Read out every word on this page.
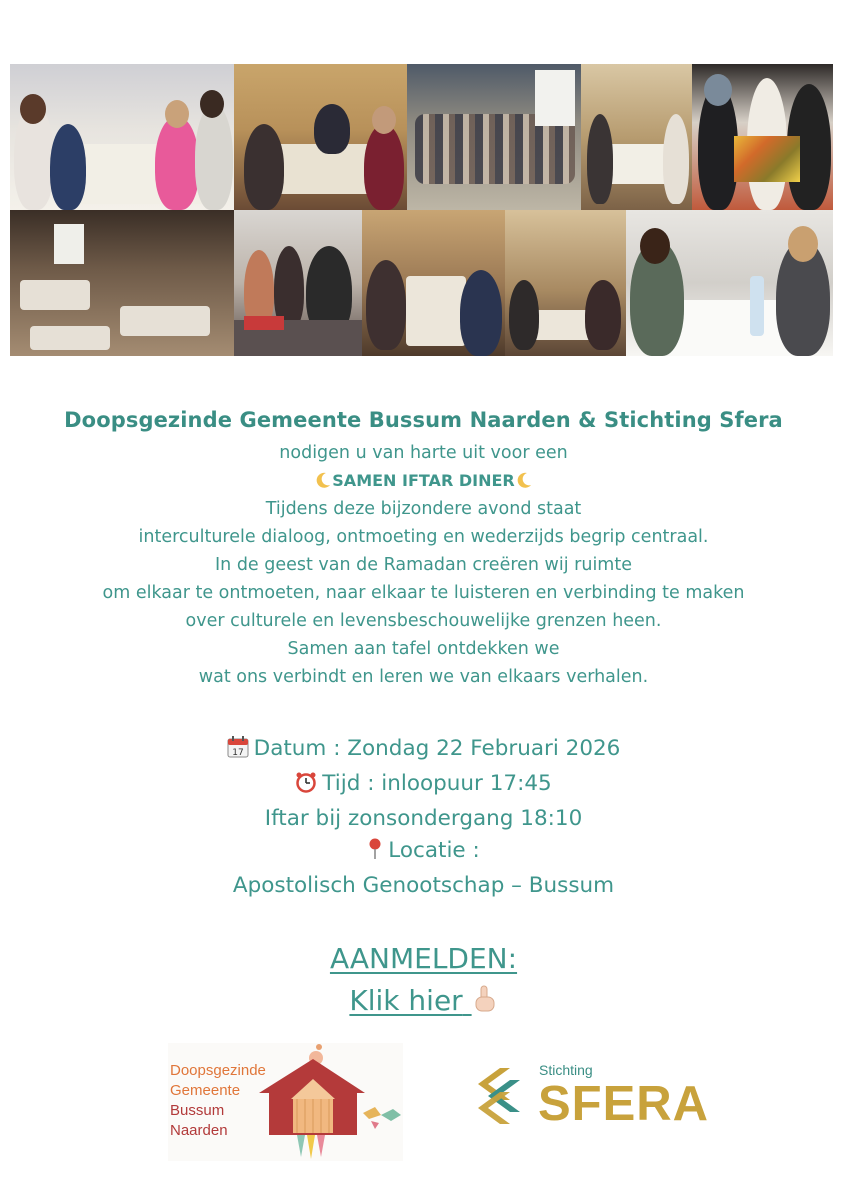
Doopsgezinde Gemeente Bussum Naarden & Stichting Sfera
nodigen u van harte uit voor een
SAMEN IFTAR DINER
Tijdens deze bijzondere avond staat
interculturele dialoog, ontmoeting en wederzijds begrip centraal.
In de geest van de Ramadan creëren wij ruimte
om elkaar te ontmoeten, naar elkaar te luisteren en verbinding te maken
over culturele en levensbeschouwelijke grenzen heen.
Samen aan tafel ontdekken we
wat ons verbindt en leren we van elkaars verhalen.
17 Datum : Zondag 22 Februari 2026
Tijd : inloopuur 17:45
Iftar bij zonsondergang 18:10
Locatie :
Apostolisch Genootschap – Bussum
AANMELDEN:
Klik hier
Doopsgezinde
Gemeente
Bussum
Naarden
Stichting
SFERA
